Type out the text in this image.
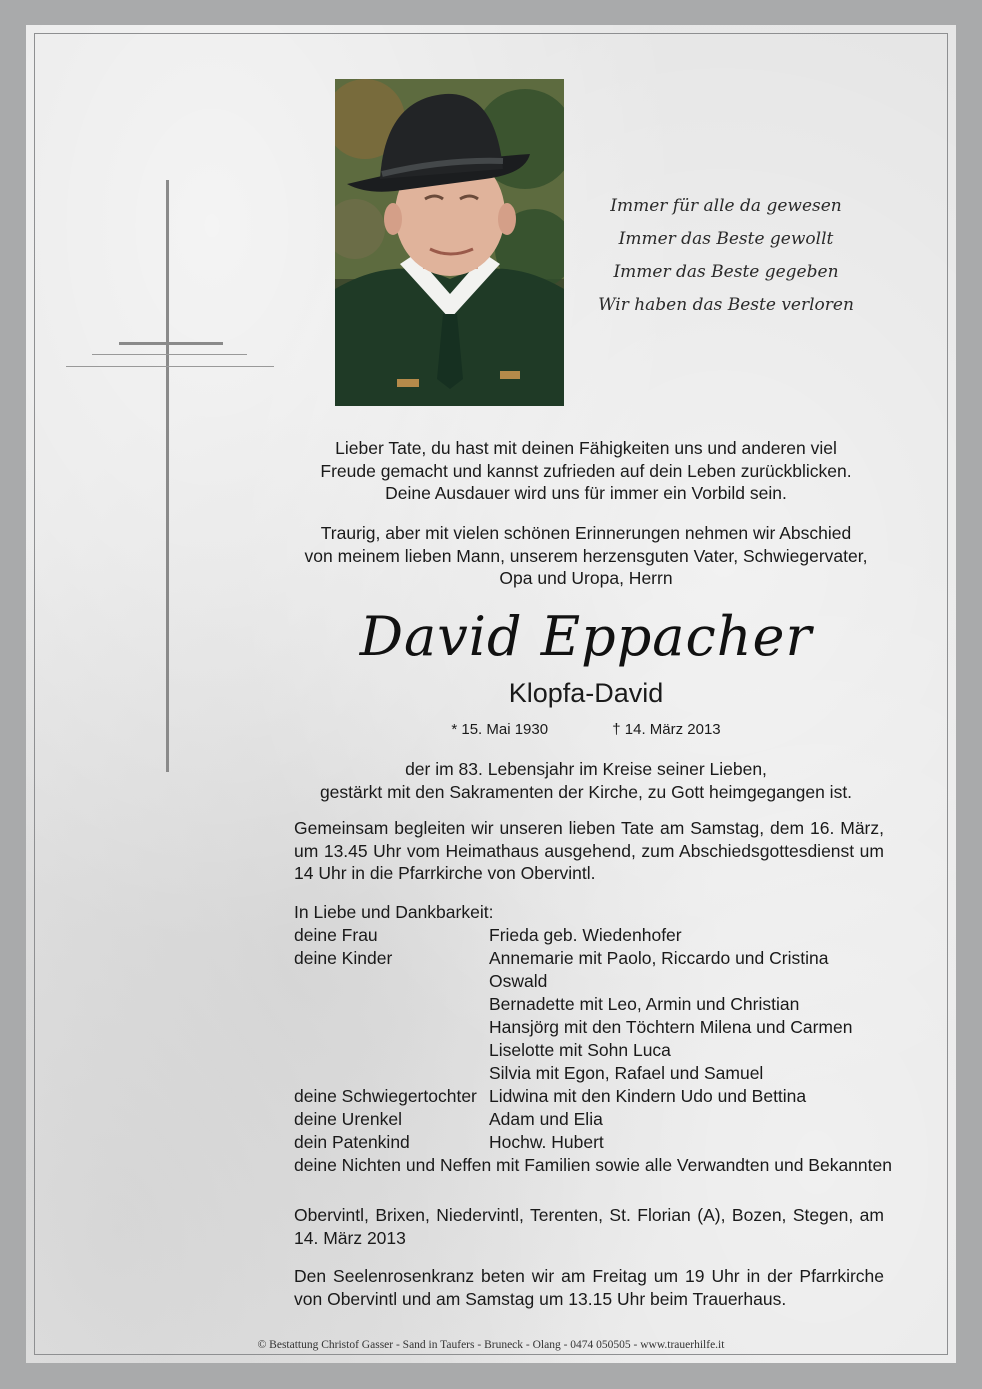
Immer für alle da gewesen
Immer das Beste gewollt
Immer das Beste gegeben
Wir haben das Beste verloren
Lieber Tate, du hast mit deinen Fähigkeiten uns und anderen viel
Freude gemacht und kannst zufrieden auf dein Leben zurückblicken.
Deine Ausdauer wird uns für immer ein Vorbild sein.
Traurig, aber mit vielen schönen Erinnerungen nehmen wir Abschied
von meinem lieben Mann, unserem herzensguten Vater, Schwiegervater,
Opa und Uropa, Herrn
David Eppacher
Klopfa-David
* 15. Mai 1930	† 14. März 2013
der im 83. Lebensjahr im Kreise seiner Lieben,
gestärkt mit den Sakramenten der Kirche, zu Gott heimgegangen ist.
Gemeinsam begleiten wir unseren lieben Tate am Samstag, dem 16. März, um 13.45 Uhr vom Heimathaus ausgehend, zum Abschiedsgottesdienst um 14 Uhr in die Pfarrkirche von Obervintl.
In Liebe und Dankbarkeit:
deine Frau	Frieda geb. Wiedenhofer
deine Kinder	Annemarie mit Paolo, Riccardo und Cristina
Oswald
Bernadette mit Leo, Armin und Christian
Hansjörg mit den Töchtern Milena und Carmen
Liselotte mit Sohn Luca
Silvia mit Egon, Rafael und Samuel
deine Schwiegertochter Lidwina mit den Kindern Udo und Bettina
deine Urenkel	Adam und Elia
dein Patenkind	Hochw. Hubert
deine Nichten und Neffen mit Familien sowie alle Verwandten und Bekannten
Obervintl, Brixen, Niedervintl, Terenten, St. Florian (A), Bozen, Stegen, am 14. März 2013
Den Seelenrosenkranz beten wir am Freitag um 19 Uhr in der Pfarrkirche von Obervintl und am Samstag um 13.15 Uhr beim Trauerhaus.
© Bestattung Christof Gasser - Sand in Taufers - Bruneck - Olang - 0474 050505 - www.trauerhilfe.it
